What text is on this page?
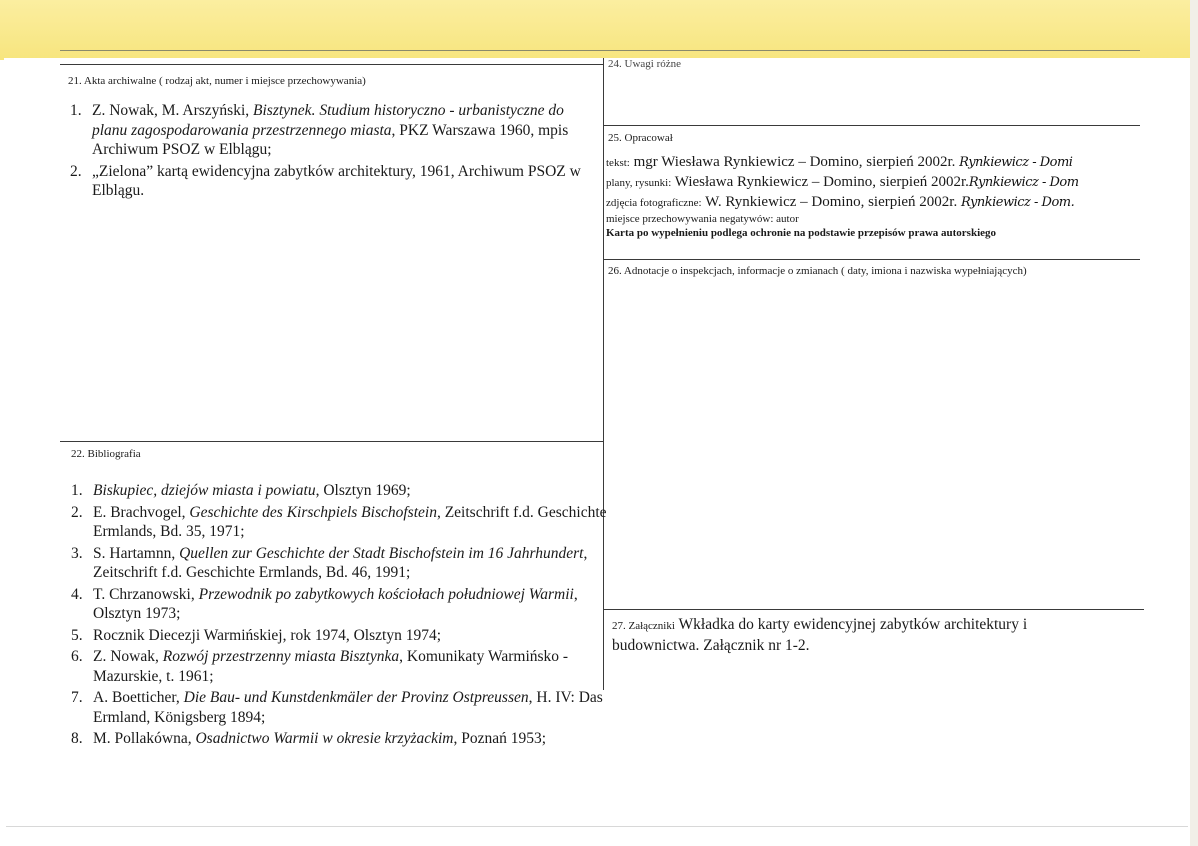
21. Akta archiwalne ( rodzaj akt, numer i miejsce przechowywania)
1. Z. Nowak, M. Arszyński, Bisztynek. Studium historyczno - urbanistyczne do planu zagospodarowania przestrzennego miasta, PKZ Warszawa 1960, mpis Archiwum PSOZ w Elblągu;
2. „Zielona” kartą ewidencyjna zabytków architektury, 1961, Archiwum PSOZ w Elblągu.
22. Bibliografia
1. Biskupiec, dziejów miasta i powiatu, Olsztyn 1969;
2. E. Brachvogel, Geschichte des Kirschpiels Bischofstein, Zeitschrift f.d. Geschichte Ermlands, Bd. 35, 1971;
3. S. Hartamnn, Quellen zur Geschichte der Stadt Bischofstein im 16 Jahrhundert, Zeitschrift f.d. Geschichte Ermlands, Bd. 46, 1991;
4. T. Chrzanowski, Przewodnik po zabytkowych kościołach południowej Warmii, Olsztyn 1973;
5. Rocznik Diecezji Warmińskiej, rok 1974, Olsztyn 1974;
6. Z. Nowak, Rozwój przestrzenny miasta Bisztynka, Komunikaty Warmińsko - Mazurskie, t. 1961;
7. A. Boetticher, Die Bau- und Kunstdenkmäler der Provinz Ostpreussen, H. IV: Das Ermland, Königsberg 1894;
8. M. Pollakówna, Osadnictwo Warmii w okresie krzyżackim, Poznań 1953;
24. Uwagi różne
25. Opracował
tekst: mgr Wiesława Rynkiewicz – Domino, sierpień 2002r. Rynkiewicz - Domi
plany, rysunki: Wiesława Rynkiewicz – Domino, sierpień 2002r.Rynkiewicz - Dom
zdjęcia fotograficzne: W. Rynkiewicz – Domino, sierpień 2002r. Rynkiewicz - Dom.
miejsce przechowywania negatywów: autor
Karta po wypełnieniu podlega ochronie na podstawie przepisów prawa autorskiego
26. Adnotacje o inspekcjach, informacje o zmianach ( daty, imiona i nazwiska wypełniających)
27. Załączniki Wkładka do karty ewidencyjnej zabytków architektury i budownictwa. Załącznik nr 1-2.
